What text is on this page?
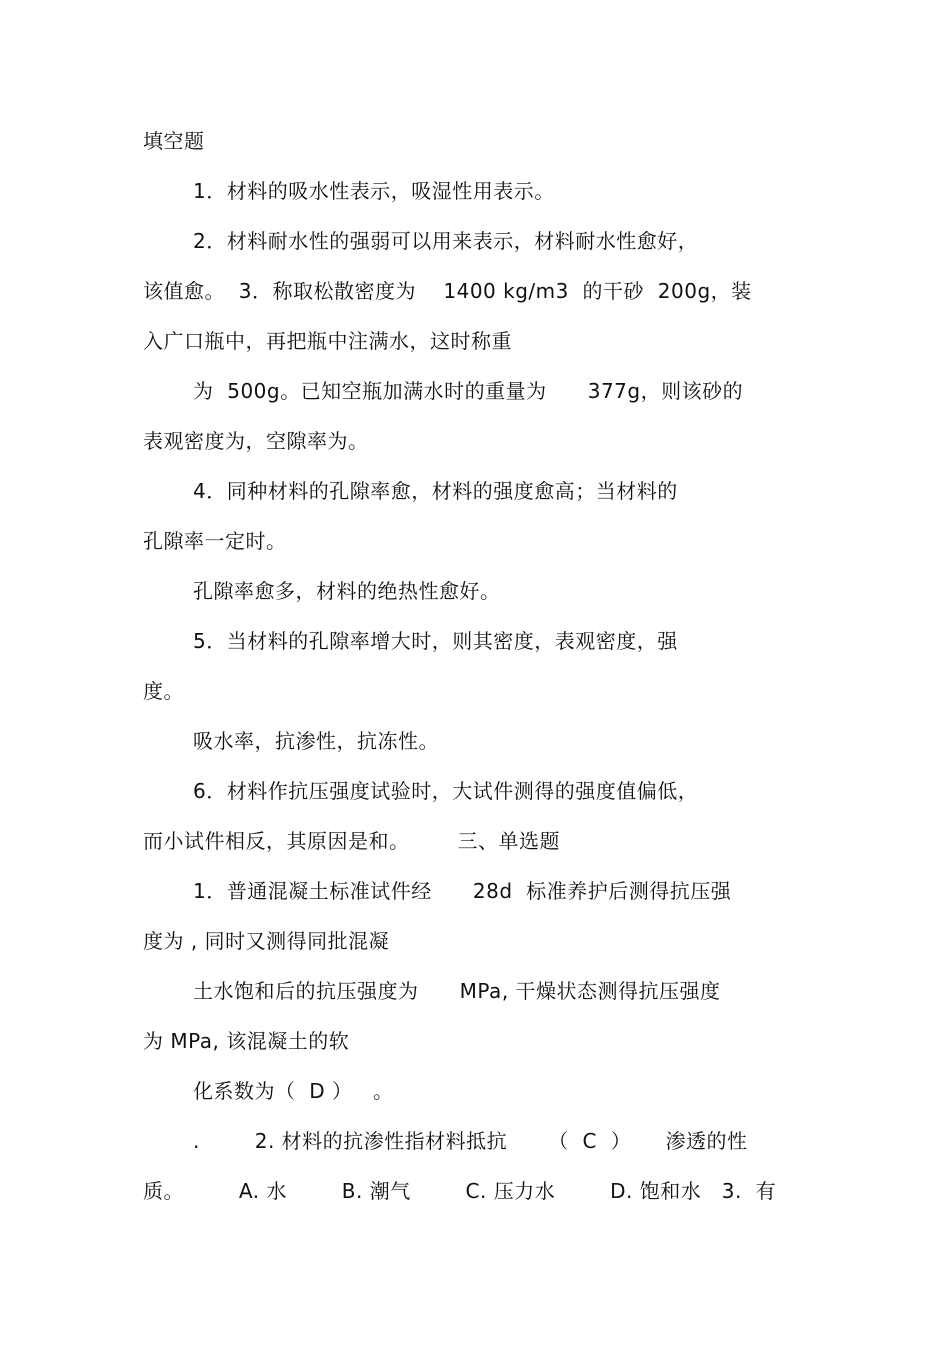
填空题
1．材料的吸水性表示，吸湿性用表示。
2．材料耐水性的强弱可以用来表示，材料耐水性愈好，
该值愈。  3．称取松散密度为    1400 kg/m3  的干砂  200g，装
入广口瓶中，再把瓶中注满水，这时称重
为  500g。已知空瓶加满水时的重量为      377g，则该砂的
表观密度为，空隙率为。
4．同种材料的孔隙率愈，材料的强度愈高；当材料的
孔隙率一定时。
孔隙率愈多，材料的绝热性愈好。
5．当材料的孔隙率增大时，则其密度，表观密度，强
度。
吸水率，抗渗性，抗冻性。
6．材料作抗压强度试验时，大试件测得的强度值偏低，
而小试件相反，其原因是和。       三、单选题
1．普通混凝土标准试件经      28d  标准养护后测得抗压强
度为 , 同时又测得同批混凝
土水饱和后的抗压强度为      MPa, 干燥状态测得抗压强度
为 MPa, 该混凝土的软
化系数为（  D ）   。
.        2. 材料的抗渗性指材料抵抗      （  C  ）     渗透的性
质。        A. 水        B. 潮气        C. 压力水        D. 饱和水   3.  有
